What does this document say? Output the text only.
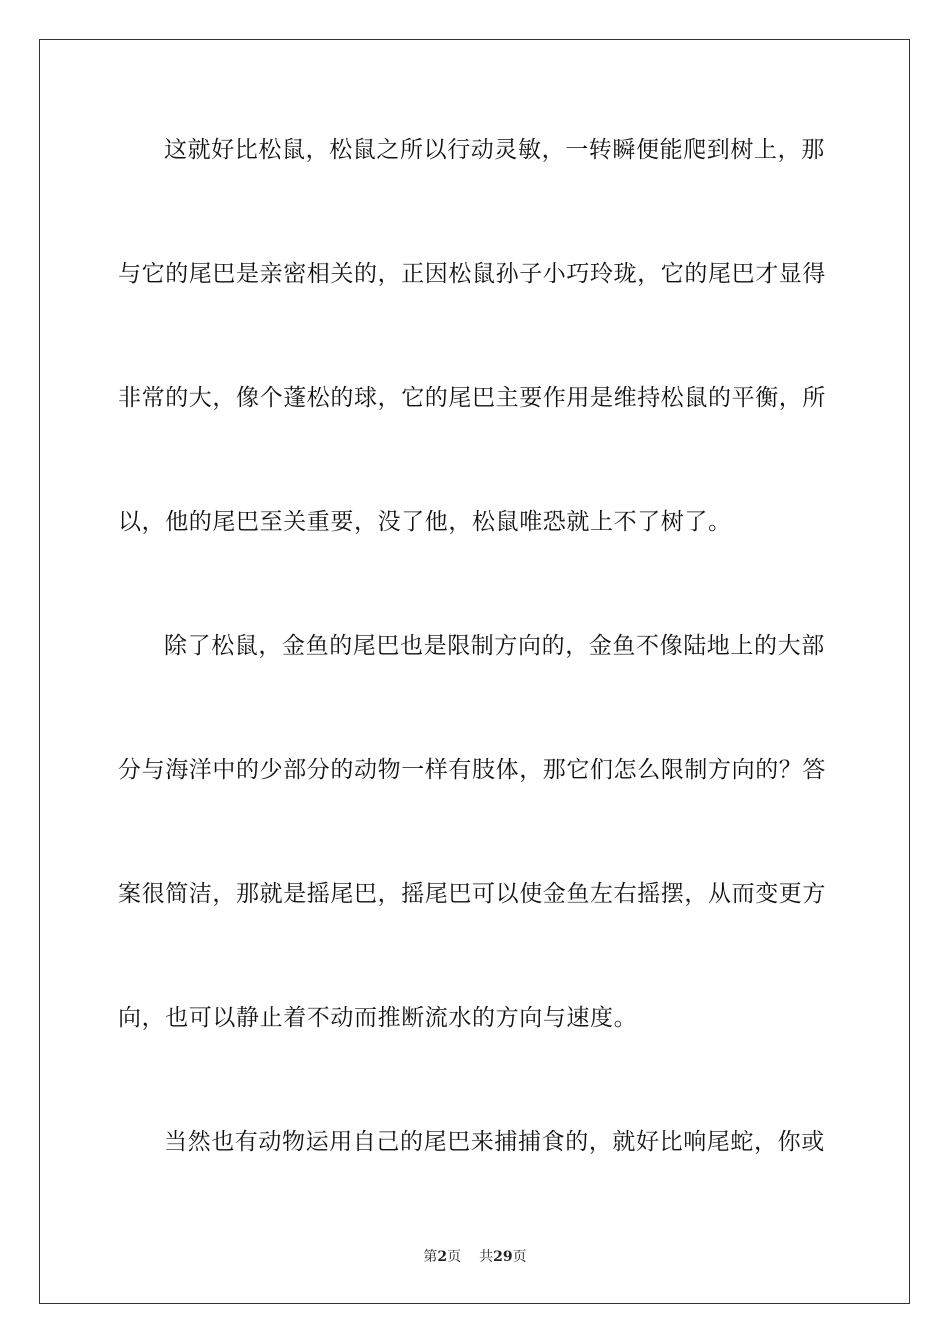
这就好比松鼠，松鼠之所以行动灵敏，一转瞬便能爬到树上，那
与它的尾巴是亲密相关的，正因松鼠孙子小巧玲珑，它的尾巴才显得
非常的大，像个蓬松的球，它的尾巴主要作用是维持松鼠的平衡，所
以，他的尾巴至关重要，没了他，松鼠唯恐就上不了树了。
除了松鼠，金鱼的尾巴也是限制方向的，金鱼不像陆地上的大部
分与海洋中的少部分的动物一样有肢体，那它们怎么限制方向的？答
案很简洁，那就是摇尾巴，摇尾巴可以使金鱼左右摇摆，从而变更方
向，也可以静止着不动而推断流水的方向与速度。
当然也有动物运用自己的尾巴来捕捕食的，就好比响尾蛇，你或
第2页 共29页
